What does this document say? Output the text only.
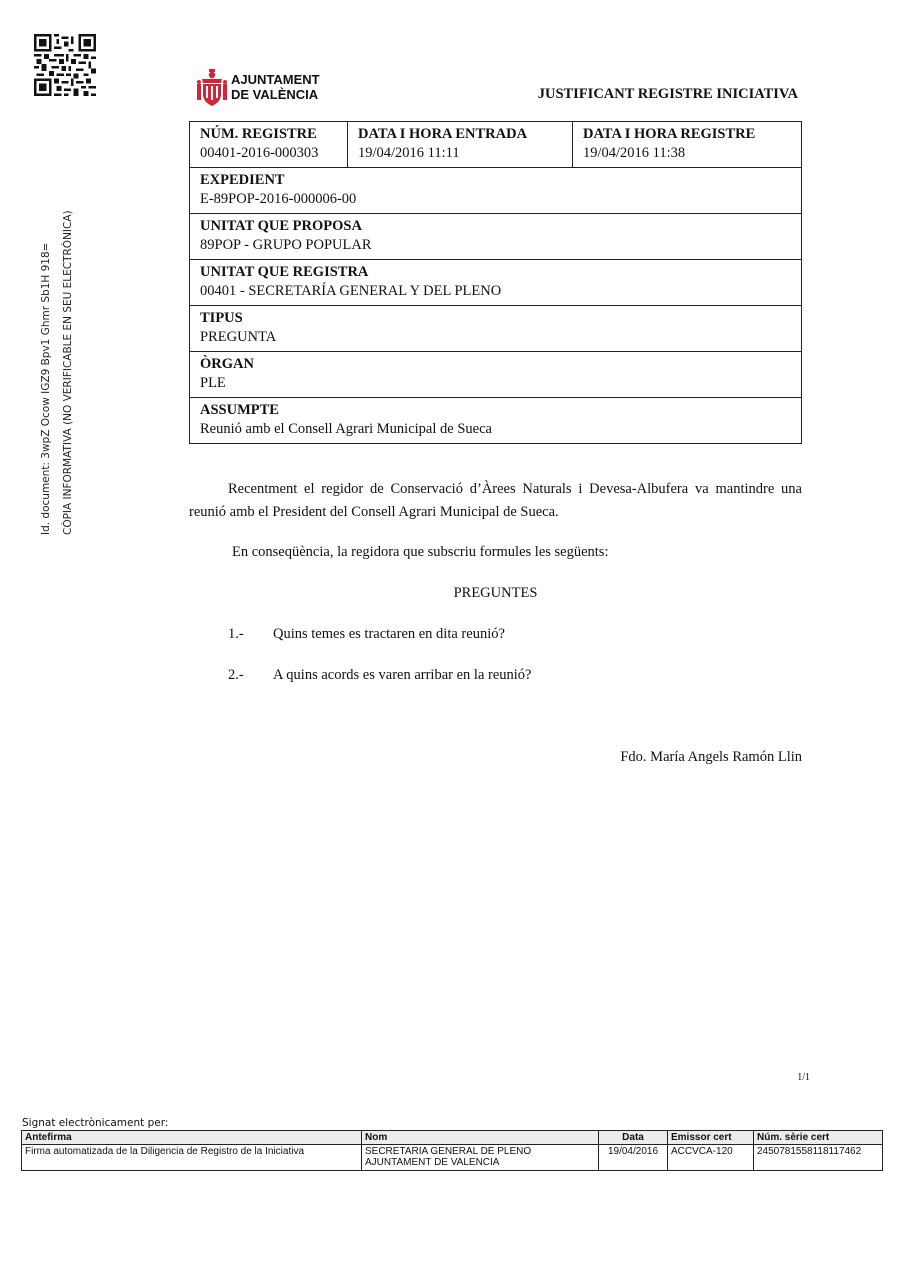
AJUNTAMENT
DE VALÈNCIA	JUSTIFICANT REGISTRE INICIATIVA
Id. document: 3wpZ Ocow IGZ9 Bpv1 Ghmr Sb1H 918= CÒPIA INFORMATIVA (NO VERIFICABLE EN SEU ELECTRÒNICA)
NÚM. REGISTRE
00401-2016-000303

DATA I HORA ENTRADA
19/04/2016 11:11

DATA I HORA REGISTRE
19/04/2016 11:38

EXPEDIENT
E-89POP-2016-000006-00

UNITAT QUE PROPOSA
89POP - GRUPO POPULAR

UNITAT QUE REGISTRA
00401 - SECRETARÍA GENERAL Y DEL PLENO

TIPUS
PREGUNTA

ÒRGAN
PLE

ASSUMPTE
Reunió amb el Consell Agrari Municipal de Sueca
Recentment el regidor de Conservació d’Àrees Naturals i Devesa-Albufera va mantindre una reunió amb el President del Consell Agrari Municipal de Sueca.
En conseqüència, la regidora que subscriu formules les següents:
PREGUNTES
1.- Quins temes es tractaren en dita reunió?
2.- A quins acords es varen arribar en la reunió?
Fdo. María Angels Ramón Llin
1/1
Signat electrònicament per:
Antefirma	Nom	Data	Emissor cert	Núm. sèrie cert
Firma automatizada de la Diligencia de Registro de la Iniciativa	SECRETARIA GENERAL DE PLENO
AJUNTAMENT DE VALENCIA	19/04/2016	ACCVCA-120	2450781558118117462
